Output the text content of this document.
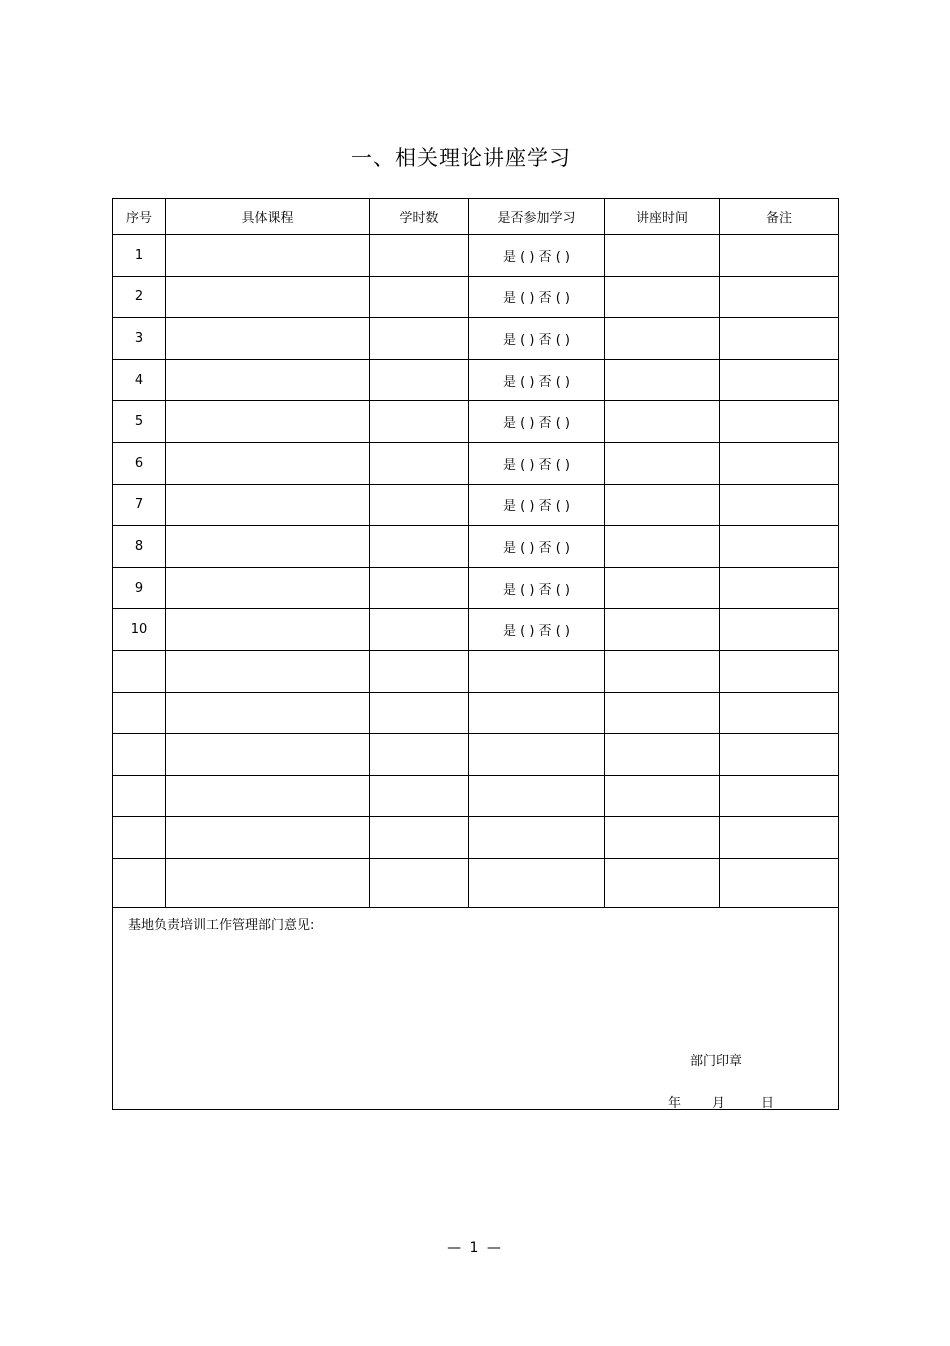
一、相关理论讲座学习
序号	具体课程	学时数	是否参加学习	讲座时间	备注
1			是 ( ) 否 ( )		
2			是 ( ) 否 ( )		
3			是 ( ) 否 ( )		
4			是 ( ) 否 ( )		
5			是 ( ) 否 ( )		
6			是 ( ) 否 ( )		
7			是 ( ) 否 ( )		
8			是 ( ) 否 ( )		
9			是 ( ) 否 ( )		
10			是 ( ) 否 ( )		

基地负责培训工作管理部门意见:
部门印章
年 月 日					
— 1 —
